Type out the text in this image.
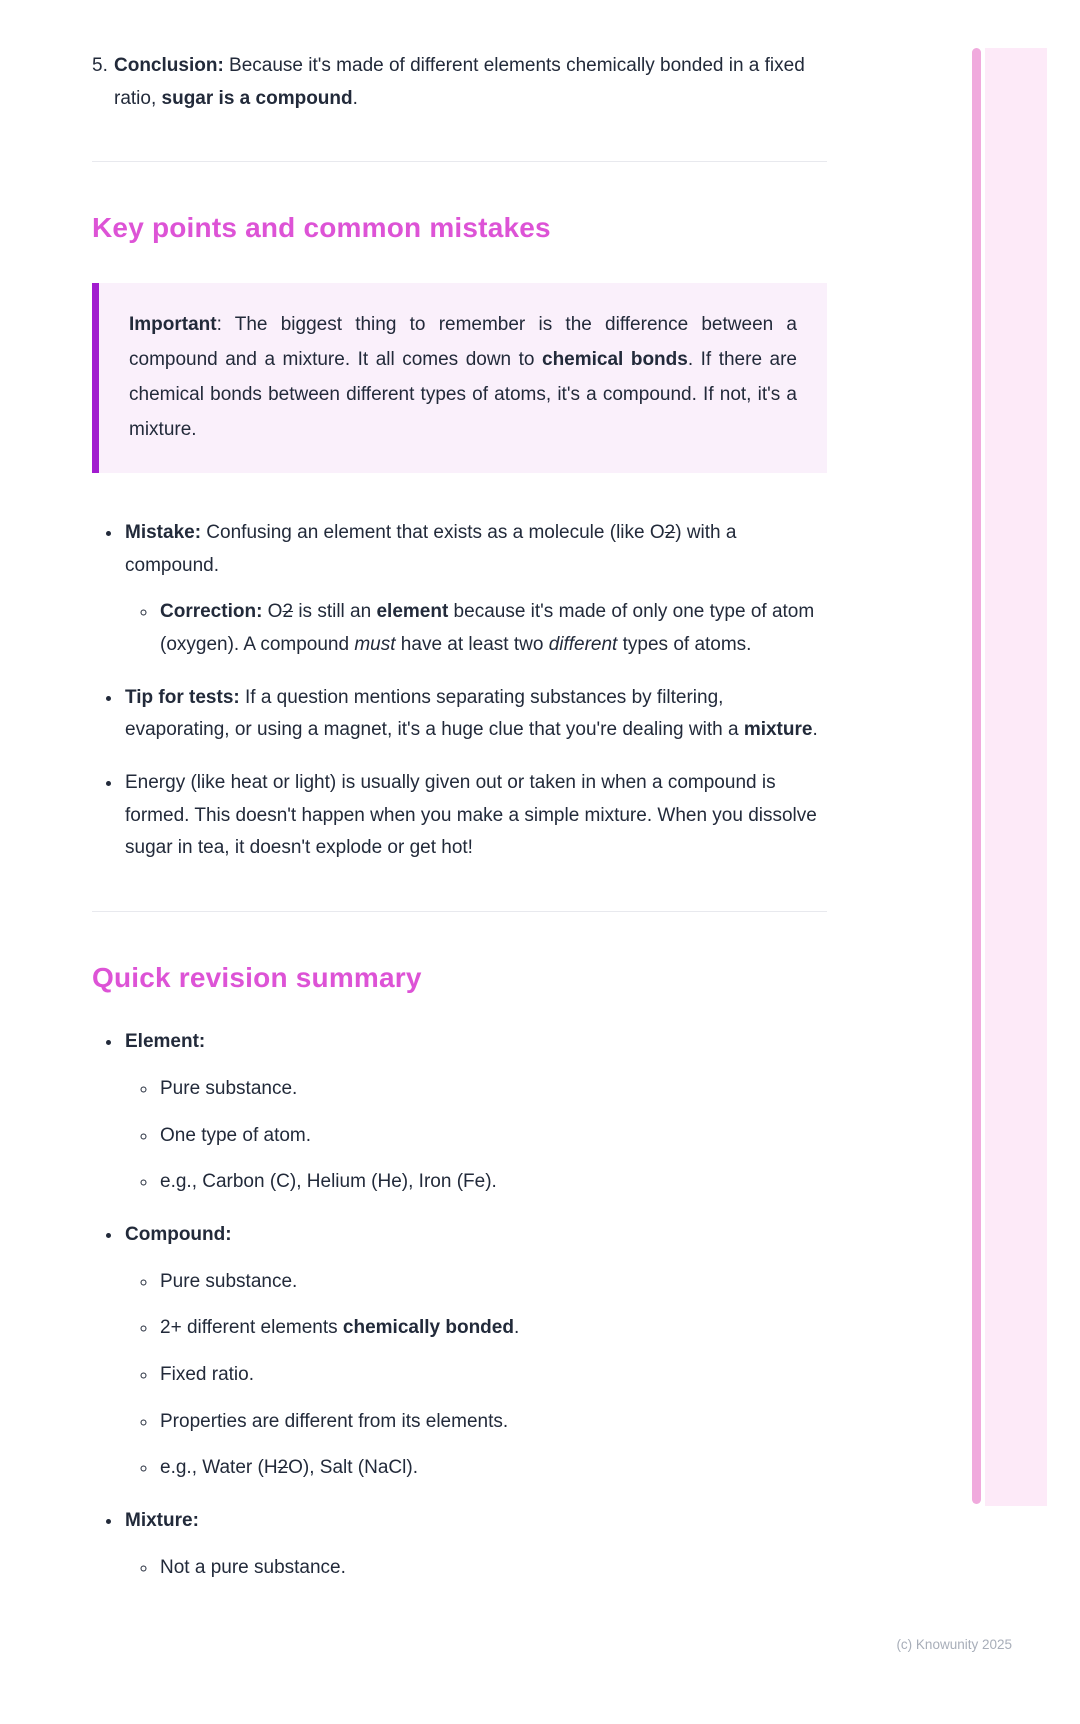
5. Conclusion: Because it's made of different elements chemically bonded in a fixed ratio, sugar is a compound.
Key points and common mistakes
Important: The biggest thing to remember is the difference between a compound and a mixture. It all comes down to chemical bonds. If there are chemical bonds between different types of atoms, it's a compound. If not, it's a mixture.
• Mistake: Confusing an element that exists as a molecule (like O2) with a compound.
◦ Correction: O2 is still an element because it's made of only one type of atom (oxygen). A compound must have at least two different types of atoms.
• Tip for tests: If a question mentions separating substances by filtering, evaporating, or using a magnet, it's a huge clue that you're dealing with a mixture.
• Energy (like heat or light) is usually given out or taken in when a compound is formed. This doesn't happen when you make a simple mixture. When you dissolve sugar in tea, it doesn't explode or get hot!
Quick revision summary
• Element:
◦ Pure substance.
◦ One type of atom.
◦ e.g., Carbon (C), Helium (He), Iron (Fe).
• Compound:
◦ Pure substance.
◦ 2+ different elements chemically bonded.
◦ Fixed ratio.
◦ Properties are different from its elements.
◦ e.g., Water (H2O), Salt (NaCl).
• Mixture:
◦ Not a pure substance.
(c) Knowunity 2025
